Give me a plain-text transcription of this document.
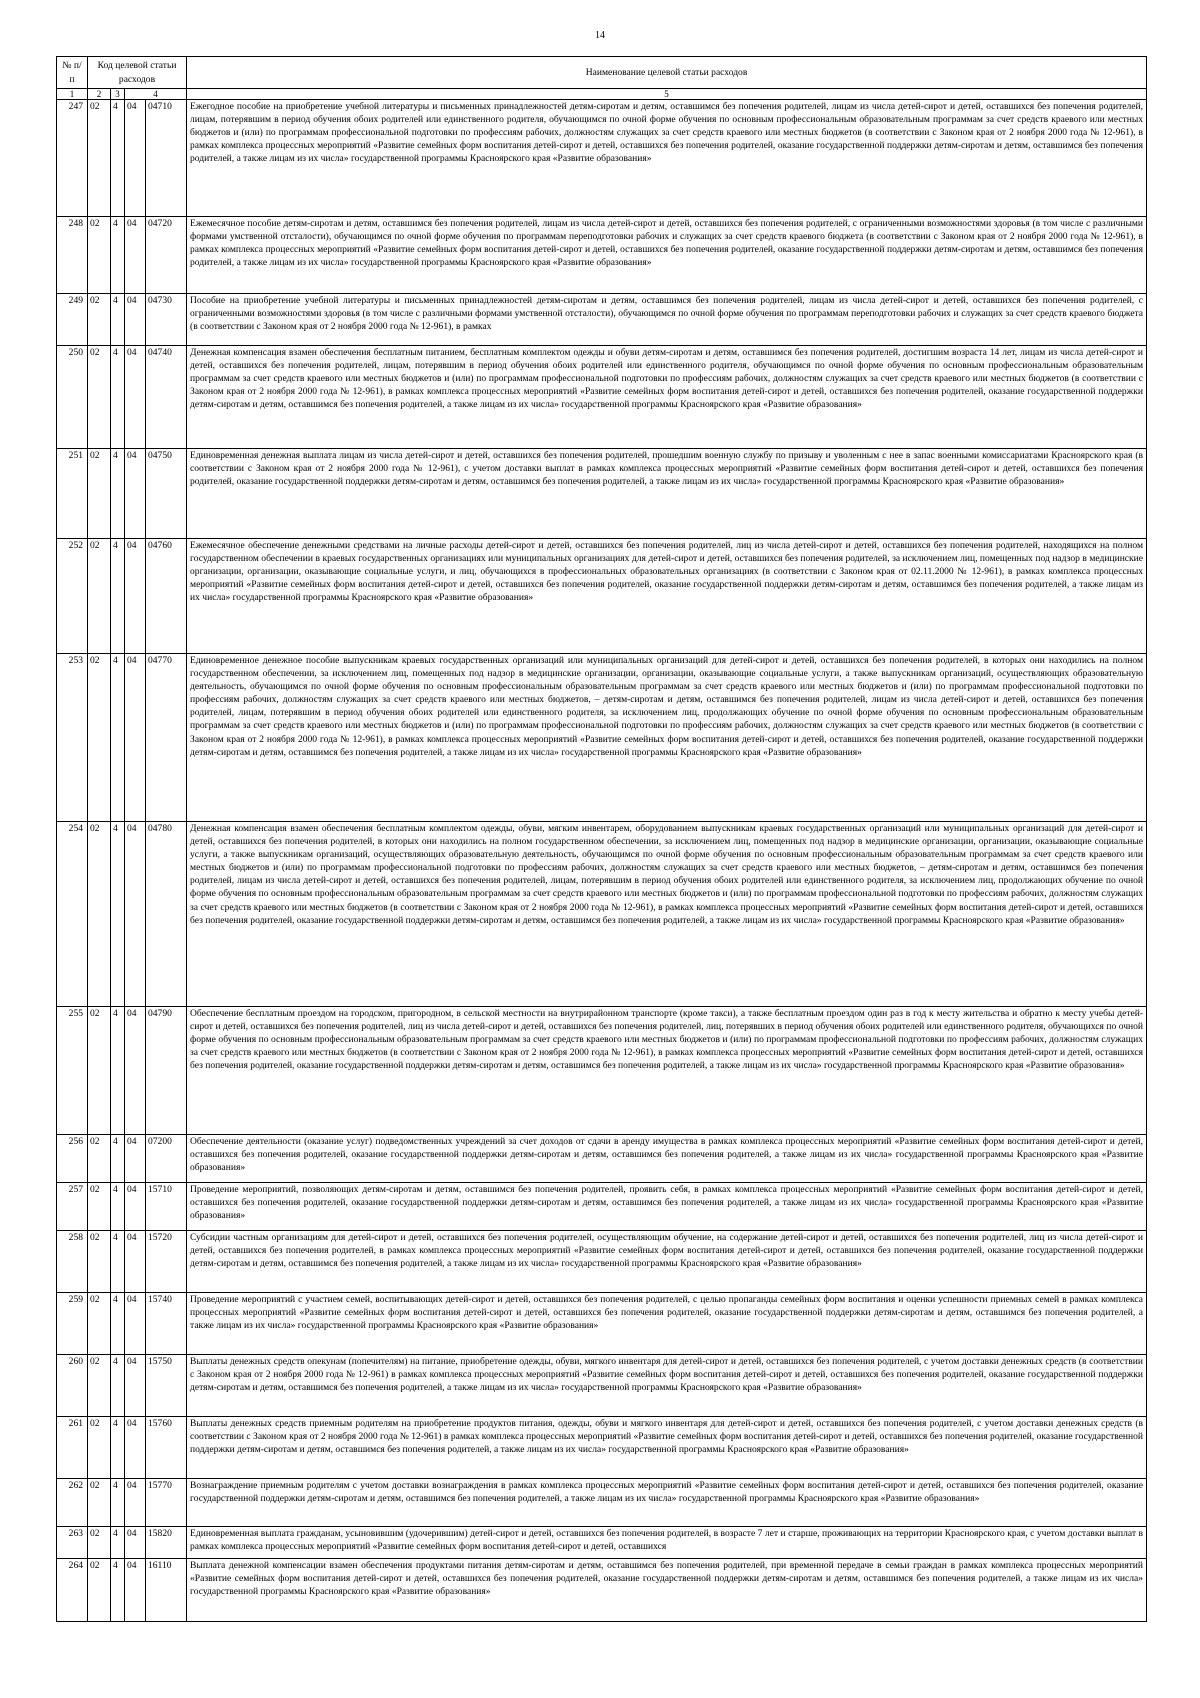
14
№ п/п	Код целевой статьи расходов				Наименование целевой статьи расходов

1	2	3	4		5
247	02	4	04	04710	Ежегодное пособие на приобретение учебной литературы и письменных принадлежностей детям-сиротам и детям, оставшимся без попечения родителей, лицам из числа детей-сирот и детей, оставшихся без попечения родителей, лицам, потерявшим в период обучения обоих родителей или единственного родителя, обучающимся по очной форме обучения по основным профессиональным образовательным программам за счет средств краевого или местных бюджетов и (или) по программам профессиональной подготовки по профессиям рабочих, должностям служащих за счет средств краевого или местных бюджетов (в соответствии с Законом края от 2 ноября 2000 года № 12-961), в рамках комплекса процессных мероприятий «Развитие семейных форм воспитания детей-сирот и детей, оставшихся без попечения родителей, оказание государственной поддержки детям-сиротам и детям, оставшимся без попечения родителей, а также лицам из их числа» государственной программы Красноярского края «Развитие образования»
248	02	4	04	04720	Ежемесячное пособие детям-сиротам и детям, оставшимся без попечения родителей, лицам из числа детей-сирот и детей, оставшихся без попечения родителей, с ограниченными возможностями здоровья (в том числе с различными формами умственной отсталости), обучающимся по очной форме обучения по программам переподготовки рабочих и служащих за счет средств краевого бюджета (в соответствии с Законом края от 2 ноября 2000 года № 12-961), в рамках комплекса процессных мероприятий «Развитие семейных форм воспитания детей-сирот и детей, оставшихся без попечения родителей, оказание государственной поддержки детям-сиротам и детям, оставшимся без попечения родителей, а также лицам из их числа» государственной программы Красноярского края «Развитие образования»
249	02	4	04	04730	Пособие на приобретение учебной литературы и письменных принадлежностей детям-сиротам и детям, оставшимся без попечения родителей, лицам из числа детей-сирот и детей, оставшихся без попечения родителей, с ограниченными возможностями здоровья (в том числе с различными формами умственной отсталости), обучающимся по очной форме обучения по программам переподготовки рабочих и служащих за счет средств краевого бюджета (в соответствии с Законом края от 2 ноября 2000 года № 12-961), в рамках
250	02	4	04	04740	Денежная компенсация взамен обеспечения бесплатным питанием, бесплатным комплектом одежды и обуви детям-сиротам и детям, оставшимся без попечения родителей, достигшим возраста 14 лет, лицам из числа детей-сирот и детей, оставшихся без попечения родителей, лицам, потерявшим в период обучения обоих родителей или единственного родителя, обучающимся по очной форме обучения по основным профессиональным образовательным программам за счет средств краевого или местных бюджетов и (или) по программам профессиональной подготовки по профессиям рабочих, должностям служащих за счет средств краевого или местных бюджетов (в соответствии с Законом края от 2 ноября 2000 года № 12-961), в рамках комплекса процессных мероприятий «Развитие семейных форм воспитания детей-сирот и детей, оставшихся без попечения родителей, оказание государственной поддержки детям-сиротам и детям, оставшимся без попечения родителей, а также лицам из их числа» государственной программы Красноярского края «Развитие образования»
251	02	4	04	04750	Единовременная денежная выплата лицам из числа детей-сирот и детей, оставшихся без попечения родителей, прошедшим военную службу по призыву и уволенным с нее в запас военными комиссариатами Красноярского края (в соответствии с Законом края от 2 ноября 2000 года № 12-961), с учетом доставки выплат в рамках комплекса процессных мероприятий «Развитие семейных форм воспитания детей-сирот и детей, оставшихся без попечения родителей, оказание государственной поддержки детям-сиротам и детям, оставшимся без попечения родителей, а также лицам из их числа» государственной программы Красноярского края «Развитие образования»
252	02	4	04	04760	Ежемесячное обеспечение денежными средствами на личные расходы детей-сирот и детей, оставшихся без попечения родителей, лиц из числа детей-сирот и детей, оставшихся без попечения родителей, находящихся на полном государственном обеспечении в краевых государственных организациях или муниципальных организациях для детей-сирот и детей, оставшихся без попечения родителей, за исключением лиц, помещенных под надзор в медицинские организации, организации, оказывающие социальные услуги, и лиц, обучающихся в профессиональных образовательных организациях (в соответствии с Законом края от 02.11.2000 № 12-961), в рамках комплекса процессных мероприятий «Развитие семейных форм воспитания детей-сирот и детей, оставшихся без попечения родителей, оказание государственной поддержки детям-сиротам и детям, оставшимся без попечения родителей, а также лицам из их числа» государственной программы Красноярского края «Развитие образования»
253	02	4	04	04770	Единовременное денежное пособие выпускникам краевых государственных организаций или муниципальных организаций для детей-сирот и детей, оставшихся без попечения родителей, в которых они находились на полном государственном обеспечении, за исключением лиц, помещенных под надзор в медицинские организации, организации, оказывающие социальные услуги, а также выпускникам организаций, осуществляющих образовательную деятельность, обучающимся по очной форме обучения по основным профессиональным образовательным программам за счет средств краевого или местных бюджетов и (или) по программам профессиональной подготовки по профессиям рабочих, должностям служащих за счет средств краевого или местных бюджетов, – детям-сиротам и детям, оставшимся без попечения родителей, лицам из числа детей-сирот и детей, оставшихся без попечения родителей, лицам, потерявшим в период обучения обоих родителей или единственного родителя, за исключением лиц, продолжающих обучение по очной форме обучения по основным профессиональным образовательным программам за счет средств краевого или местных бюджетов и (или) по программам профессиональной подготовки по профессиям рабочих, должностям служащих за счет средств краевого или местных бюджетов (в соответствии с Законом края от 2 ноября 2000 года № 12-961), в рамках комплекса процессных мероприятий «Развитие семейных форм воспитания детей-сирот и детей, оставшихся без попечения родителей, оказание государственной поддержки детям-сиротам и детям, оставшимся без попечения родителей, а также лицам из их числа» государственной программы Красноярского края «Развитие образования»
254	02	4	04	04780	Денежная компенсация взамен обеспечения бесплатным комплектом одежды, обуви, мягким инвентарем, оборудованием выпускникам краевых государственных организаций или муниципальных организаций для детей-сирот и детей, оставшихся без попечения родителей, в которых они находились на полном государственном обеспечении, за исключением лиц, помещенных под надзор в медицинские организации, организации, оказывающие социальные услуги, а также выпускникам организаций, осуществляющих образовательную деятельность, обучающимся по очной форме обучения по основным профессиональным образовательным программам за счет средств краевого или местных бюджетов и (или) по программам профессиональной подготовки по профессиям рабочих, должностям служащих за счет средств краевого или местных бюджетов, – детям-сиротам и детям, оставшимся без попечения родителей, лицам из числа детей-сирот и детей, оставшихся без попечения родителей, лицам, потерявшим в период обучения обоих родителей или единственного родителя, за исключением лиц, продолжающих обучение по очной форме обучения по основным профессиональным образовательным программам за счет средств краевого или местных бюджетов и (или) по программам профессиональной подготовки по профессиям рабочих, должностям служащих за счет средств краевого или местных бюджетов (в соответствии с Законом края от 2 ноября 2000 года № 12-961), в рамках комплекса процессных мероприятий «Развитие семейных форм воспитания детей-сирот и детей, оставшихся без попечения родителей, оказание государственной поддержки детям-сиротам и детям, оставшимся без попечения родителей, а также лицам из их числа» государственной программы Красноярского края «Развитие образования»
255	02	4	04	04790	Обеспечение бесплатным проездом на городском, пригородном, в сельской местности на внутрирайонном транспорте (кроме такси), а также бесплатным проездом один раз в год к месту жительства и обратно к месту учебы детей-сирот и детей, оставшихся без попечения родителей, лиц из числа детей-сирот и детей, оставшихся без попечения родителей, лиц, потерявших в период обучения обоих родителей или единственного родителя, обучающихся по очной форме обучения по основным профессиональным образовательным программам за счет средств краевого или местных бюджетов и (или) по программам профессиональной подготовки по профессиям рабочих, должностям служащих за счет средств краевого или местных бюджетов (в соответствии с Законом края от 2 ноября 2000 года № 12-961), в рамках комплекса процессных мероприятий «Развитие семейных форм воспитания детей-сирот и детей, оставшихся без попечения родителей, оказание государственной поддержки детям-сиротам и детям, оставшимся без попечения родителей, а также лицам из их числа» государственной программы Красноярского края «Развитие образования»
256	02	4	04	07200	Обеспечение деятельности (оказание услуг) подведомственных учреждений за счет доходов от сдачи в аренду имущества в рамках комплекса процессных мероприятий «Развитие семейных форм воспитания детей-сирот и детей, оставшихся без попечения родителей, оказание государственной поддержки детям-сиротам и детям, оставшимся без попечения родителей, а также лицам из их числа» государственной программы Красноярского края «Развитие образования»
257	02	4	04	15710	Проведение мероприятий, позволяющих детям-сиротам и детям, оставшимся без попечения родителей, проявить себя, в рамках комплекса процессных мероприятий «Развитие семейных форм воспитания детей-сирот и детей, оставшихся без попечения родителей, оказание государственной поддержки детям-сиротам и детям, оставшимся без попечения родителей, а также лицам из их числа» государственной программы Красноярского края «Развитие образования»
258	02	4	04	15720	Субсидии частным организациям для детей-сирот и детей, оставшихся без попечения родителей, осуществляющим обучение, на содержание детей-сирот и детей, оставшихся без попечения родителей, лиц из числа детей-сирот и детей, оставшихся без попечения родителей, в рамках комплекса процессных мероприятий «Развитие семейных форм воспитания детей-сирот и детей, оставшихся без попечения родителей, оказание государственной поддержки детям-сиротам и детям, оставшимся без попечения родителей, а также лицам из их числа» государственной программы Красноярского края «Развитие образования»
259	02	4	04	15740	Проведение мероприятий с участием семей, воспитывающих детей-сирот и детей, оставшихся без попечения родителей, с целью пропаганды семейных форм воспитания и оценки успешности приемных семей в рамках комплекса процессных мероприятий «Развитие семейных форм воспитания детей-сирот и детей, оставшихся без попечения родителей, оказание государственной поддержки детям-сиротам и детям, оставшимся без попечения родителей, а также лицам из их числа» государственной программы Красноярского края «Развитие образования»
260	02	4	04	15750	Выплаты денежных средств опекунам (попечителям) на питание, приобретение одежды, обуви, мягкого инвентаря для детей-сирот и детей, оставшихся без попечения родителей, с учетом доставки денежных средств (в соответствии с Законом края от 2 ноября 2000 года № 12-961) в рамках комплекса процессных мероприятий «Развитие семейных форм воспитания детей-сирот и детей, оставшихся без попечения родителей, оказание государственной поддержки детям-сиротам и детям, оставшимся без попечения родителей, а также лицам из их числа» государственной программы Красноярского края «Развитие образования»
261	02	4	04	15760	Выплаты денежных средств приемным родителям на приобретение продуктов питания, одежды, обуви и мягкого инвентаря для детей-сирот и детей, оставшихся без попечения родителей, с учетом доставки денежных средств (в соответствии с Законом края от 2 ноября 2000 года № 12-961) в рамках комплекса процессных мероприятий «Развитие семейных форм воспитания детей-сирот и детей, оставшихся без попечения родителей, оказание государственной поддержки детям-сиротам и детям, оставшимся без попечения родителей, а также лицам из их числа» государственной программы Красноярского края «Развитие образования»
262	02	4	04	15770	Вознаграждение приемным родителям с учетом доставки вознаграждения в рамках комплекса процессных мероприятий «Развитие семейных форм воспитания детей-сирот и детей, оставшихся без попечения родителей, оказание государственной поддержки детям-сиротам и детям, оставшимся без попечения родителей, а также лицам из их числа» государственной программы Красноярского края «Развитие образования»
263	02	4	04	15820	Единовременная выплата гражданам, усыновившим (удочерившим) детей-сирот и детей, оставшихся без попечения родителей, в возрасте 7 лет и старше, проживающих на территории Красноярского края, с учетом доставки выплат в рамках комплекса процессных мероприятий «Развитие семейных форм воспитания детей-сирот и детей, оставшихся
264	02	4	04	16110	Выплата денежной компенсации взамен обеспечения продуктами питания детям-сиротам и детям, оставшимся без попечения родителей, при временной передаче в семьи граждан в рамках комплекса процессных мероприятий «Развитие семейных форм воспитания детей-сирот и детей, оставшихся без попечения родителей, оказание государственной поддержки детям-сиротам и детям, оставшимся без попечения родителей, а также лицам из их числа» государственной программы Красноярского края «Развитие образования»
